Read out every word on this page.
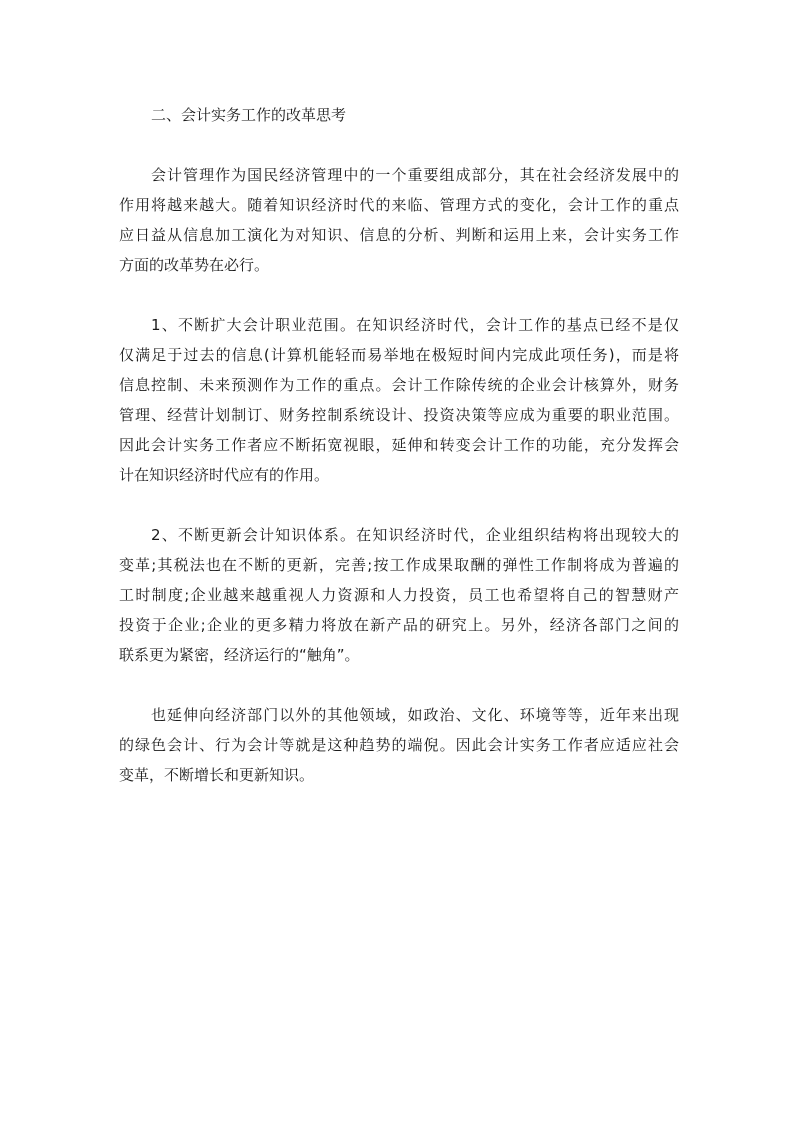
二、会计实务工作的改革思考
会计管理作为国民经济管理中的一个重要组成部分，其在社会经济发展中的
作用将越来越大。随着知识经济时代的来临、管理方式的变化，会计工作的重点
应日益从信息加工演化为对知识、信息的分析、判断和运用上来，会计实务工作
方面的改革势在必行。
1、不断扩大会计职业范围。在知识经济时代，会计工作的基点已经不是仅
仅满足于过去的信息(计算机能轻而易举地在极短时间内完成此项任务)，而是将
信息控制、未来预测作为工作的重点。会计工作除传统的企业会计核算外，财务
管理、经营计划制订、财务控制系统设计、投资决策等应成为重要的职业范围。
因此会计实务工作者应不断拓宽视眼，延伸和转变会计工作的功能，充分发挥会
计在知识经济时代应有的作用。
2、不断更新会计知识体系。在知识经济时代，企业组织结构将出现较大的
变革;其税法也在不断的更新，完善;按工作成果取酬的弹性工作制将成为普遍的
工时制度;企业越来越重视人力资源和人力投资，员工也希望将自己的智慧财产
投资于企业;企业的更多精力将放在新产品的研究上。另外，经济各部门之间的
联系更为紧密，经济运行的“触角”。
也延伸向经济部门以外的其他领域，如政治、文化、环境等等，近年来出现
的绿色会计、行为会计等就是这种趋势的端倪。因此会计实务工作者应适应社会
变革，不断增长和更新知识。
